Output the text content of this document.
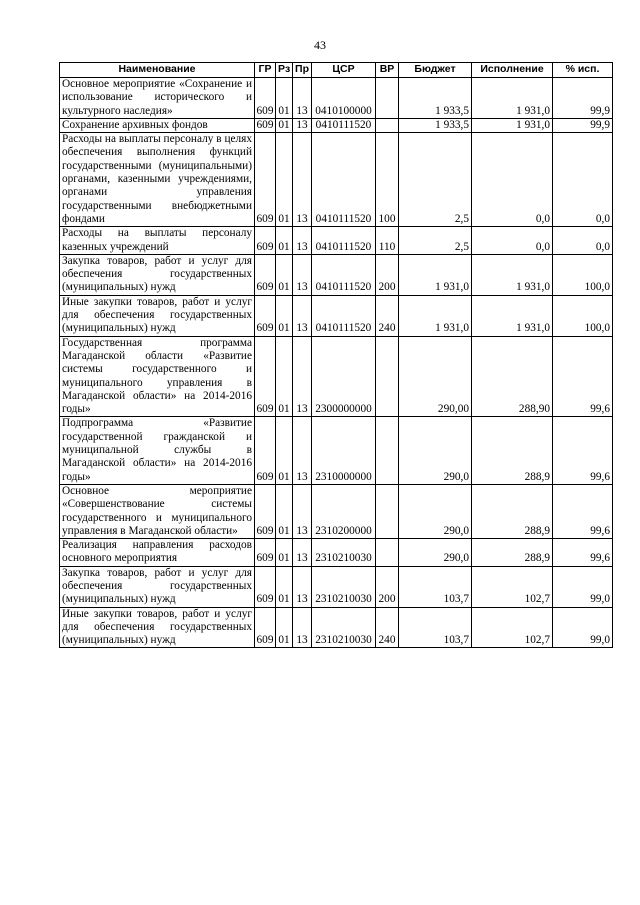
43
Наименование	ГР	Рз	Пр	ЦСР	ВР	Бюджет	Исполнение	% исп.
Основное мероприятие «Сохранение и использование исторического и культурного наследия»	609	01	13	0410100000		1 933,5	1 931,0	99,9
Сохранение архивных фондов	609	01	13	0410111520		1 933,5	1 931,0	99,9
Расходы на выплаты персоналу в целях обеспечения выполнения функций государственными (муниципальными) органами, казенными учреждениями, органами управления государственными внебюджетными фондами	609	01	13	0410111520	100	2,5	0,0	0,0
Расходы на выплаты персоналу казенных учреждений	609	01	13	0410111520	110	2,5	0,0	0,0
Закупка товаров, работ и услуг для обеспечения государственных (муниципальных) нужд	609	01	13	0410111520	200	1 931,0	1 931,0	100,0
Иные закупки товаров, работ и услуг для обеспечения государственных (муниципальных) нужд	609	01	13	0410111520	240	1 931,0	1 931,0	100,0
Государственная программа Магаданской области «Развитие системы государственного и муниципального управления в Магаданской области» на 2014-2016 годы»	609	01	13	2300000000		290,00	288,90	99,6
Подпрограмма «Развитие государственной гражданской и муниципальной службы в Магаданской области» на 2014-2016 годы»	609	01	13	2310000000		290,0	288,9	99,6
Основное мероприятие «Совершенствование системы государственного и муниципального управления в Магаданской области»	609	01	13	2310200000		290,0	288,9	99,6
Реализация направления расходов основного мероприятия	609	01	13	2310210030		290,0	288,9	99,6
Закупка товаров, работ и услуг для обеспечения государственных (муниципальных) нужд	609	01	13	2310210030	200	103,7	102,7	99,0
Иные закупки товаров, работ и услуг для обеспечения государственных (муниципальных) нужд	609	01	13	2310210030	240	103,7	102,7	99,0
